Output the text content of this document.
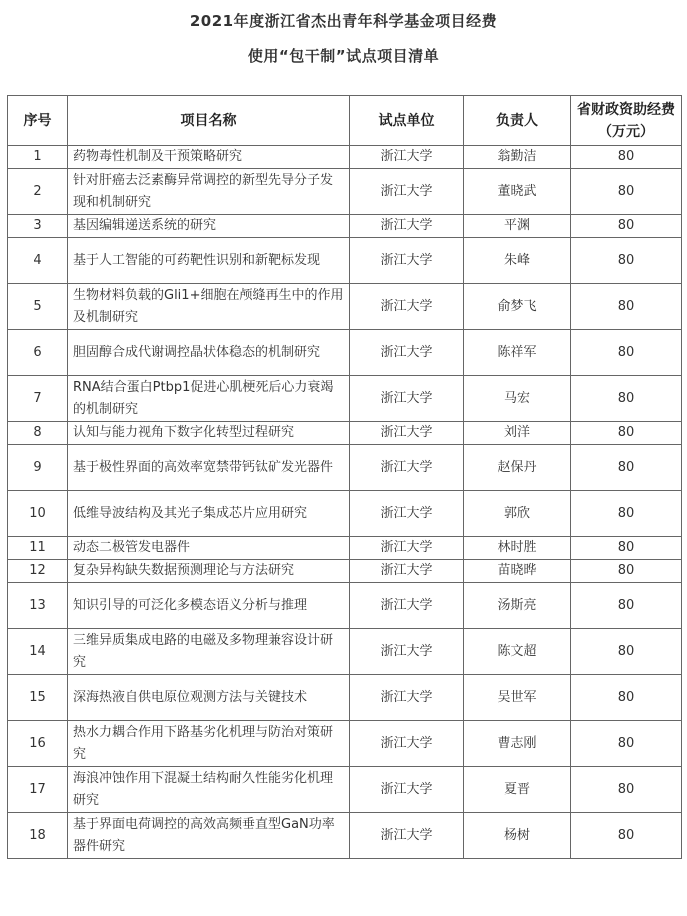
2021年度浙江省杰出青年科学基金项目经费
使用“包干制”试点项目清单
序号	项目名称	试点单位	负责人	省财政资助经费（万元）
1	药物毒性机制及干预策略研究	浙江大学	翁勤洁	80
2	针对肝癌去泛素酶异常调控的新型先导分子发现和机制研究	浙江大学	董晓武	80
3	基因编辑递送系统的研究	浙江大学	平渊	80
4	基于人工智能的可药靶性识别和新靶标发现	浙江大学	朱峰	80
5	生物材料负载的Gli1+细胞在颅缝再生中的作用及机制研究	浙江大学	俞梦飞	80
6	胆固醇合成代谢调控晶状体稳态的机制研究	浙江大学	陈祥军	80
7	RNA结合蛋白Ptbp1促进心肌梗死后心力衰竭的机制研究	浙江大学	马宏	80
8	认知与能力视角下数字化转型过程研究	浙江大学	刘洋	80
9	基于极性界面的高效率宽禁带钙钛矿发光器件	浙江大学	赵保丹	80
10	低维导波结构及其光子集成芯片应用研究	浙江大学	郭欣	80
11	动态二极管发电器件	浙江大学	林时胜	80
12	复杂异构缺失数据预测理论与方法研究	浙江大学	苗晓晔	80
13	知识引导的可泛化多模态语义分析与推理	浙江大学	汤斯亮	80
14	三维异质集成电路的电磁及多物理兼容设计研究	浙江大学	陈文超	80
15	深海热液自供电原位观测方法与关键技术	浙江大学	吴世军	80
16	热水力耦合作用下路基劣化机理与防治对策研究	浙江大学	曹志刚	80
17	海浪冲蚀作用下混凝土结构耐久性能劣化机理研究	浙江大学	夏晋	80
18	基于界面电荷调控的高效高频垂直型GaN功率器件研究	浙江大学	杨树	80
